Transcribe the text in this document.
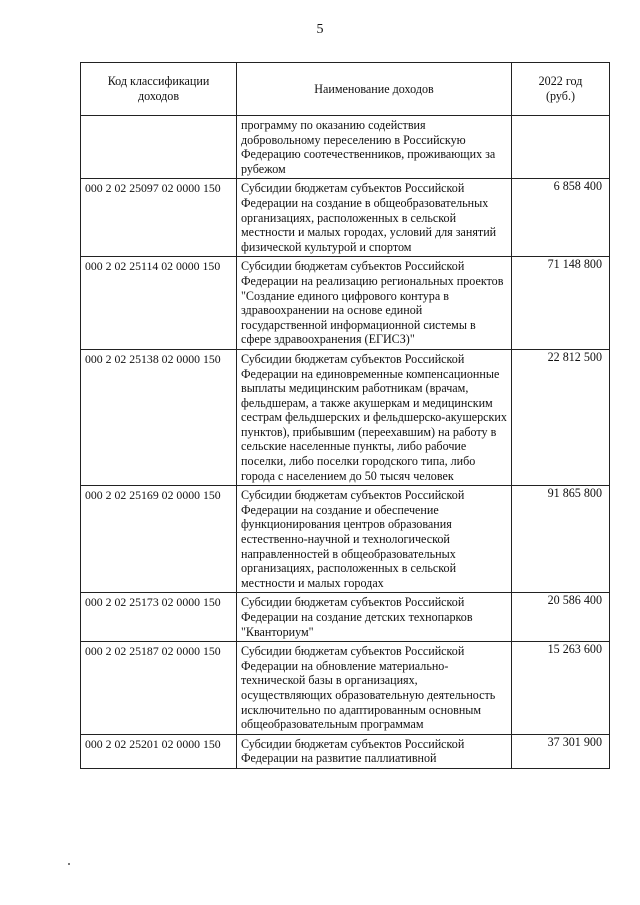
5
Код классификации доходов	Наименование доходов	2022 год (руб.)
	программу по оказанию содействия добровольному переселению в Российскую Федерацию соотечественников, проживающих за рубежом	
000 2 02 25097 02 0000 150	Субсидии бюджетам субъектов Российской Федерации на создание в общеобразовательных организациях, расположенных в сельской местности и малых городах, условий для занятий физической культурой и спортом	6 858 400
000 2 02 25114 02 0000 150	Субсидии бюджетам субъектов Российской Федерации на реализацию региональных проектов "Создание единого цифрового контура в здравоохранении на основе единой государственной информационной системы в сфере здравоохранения (ЕГИСЗ)"	71 148 800
000 2 02 25138 02 0000 150	Субсидии бюджетам субъектов Российской Федерации на единовременные компенсационные выплаты медицинским работникам (врачам, фельдшерам, а также акушеркам и медицинским сестрам фельдшерских и фельдшерско-акушерских пунктов), прибывшим (переехавшим) на работу в сельские населенные пункты, либо рабочие поселки, либо поселки городского типа, либо города с населением до 50 тысяч человек	22 812 500
000 2 02 25169 02 0000 150	Субсидии бюджетам субъектов Российской Федерации на создание и обеспечение функционирования центров образования естественно-научной и технологической направленностей в общеобразовательных организациях, расположенных в сельской местности и малых городах	91 865 800
000 2 02 25173 02 0000 150	Субсидии бюджетам субъектов Российской Федерации на создание детских технопарков "Кванториум"	20 586 400
000 2 02 25187 02 0000 150	Субсидии бюджетам субъектов Российской Федерации на обновление материально-технической базы в организациях, осуществляющих образовательную деятельность исключительно по адаптированным основным общеобразовательным программам	15 263 600
000 2 02 25201 02 0000 150	Субсидии бюджетам субъектов Российской Федерации на развитие паллиативной	37 301 900
